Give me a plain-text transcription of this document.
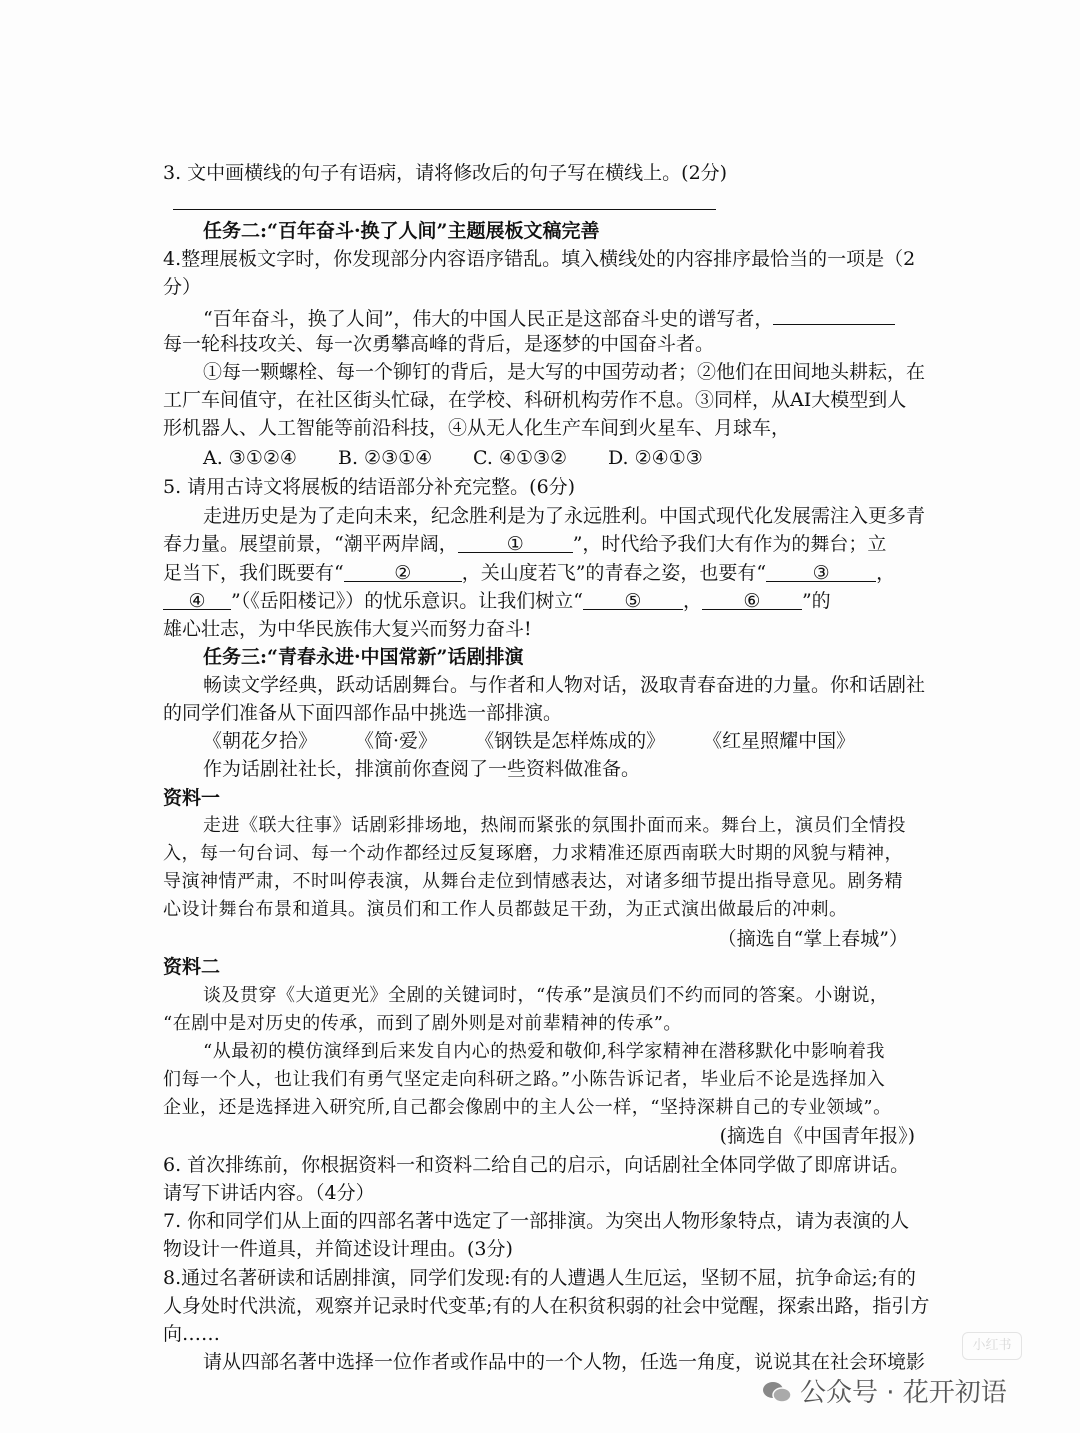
3. 文中画横线的句子有语病，请将修改后的句子写在横线上。(2分)
任务二:“百年奋斗·换了人间”主题展板文稿完善
4.整理展板文字时，你发现部分内容语序错乱。填入横线处的内容排序最恰当的一项是（2
分）
“百年奋斗，换了人间”，伟大的中国人民正是这部奋斗史的谱写者，
每一轮科技攻关、每一次勇攀高峰的背后，是逐梦的中国奋斗者。
①每一颗螺栓、每一个铆钉的背后，是大写的中国劳动者；②他们在田间地头耕耘，在
工厂车间值守，在社区街头忙碌，在学校、科研机构劳作不息。③同样，从AI大模型到人
形机器人、人工智能等前沿科技，④从无人化生产车间到火星车、月球车，
A. ③①②④ B. ②③①④ C. ④①③② D. ②④①③
5. 请用古诗文将展板的结语部分补充完整。(6分)
走进历史是为了走向未来，纪念胜利是为了永远胜利。中国式现代化发展需注入更多青
春力量。展望前景，“潮平两岸阔，	①	”，时代给予我们大有作为的舞台；立
足当下，我们既要有“	②	，关山度若飞”的青春之姿，也要有“ ③ ，
④ ”（《岳阳楼记》）的忧乐意识。让我们树立“ ⑤ ， ⑥ ”的
雄心壮志，为中华民族伟大复兴而努力奋斗!
任务三:“青春永进·中国常新”话剧排演
畅读文学经典，跃动话剧舞台。与作者和人物对话，汲取青春奋进的力量。你和话剧社
的同学们准备从下面四部作品中挑选一部排演。
《朝花夕拾》 《简·爱》 《钢铁是怎样炼成的》 《红星照耀中国》
作为话剧社社长，排演前你查阅了一些资料做准备。
资料一
走进《联大往事》话剧彩排场地，热闹而紧张的氛围扑面而来。舞台上，演员们全情投
入，每一句台词、每一个动作都经过反复琢磨，力求精准还原西南联大时期的风貌与精神，
导演神情严肃，不时叫停表演，从舞台走位到情感表达，对诸多细节提出指导意见。剧务精
心设计舞台布景和道具。演员们和工作人员都鼓足干劲，为正式演出做最后的冲刺。
（摘选自“掌上春城”）
资料二
谈及贯穿《大道更光》全剧的关键词时，“传承”是演员们不约而同的答案。小谢说，
“在剧中是对历史的传承，而到了剧外则是对前辈精神的传承”。
“从最初的模仿演绎到后来发自内心的热爱和敬仰,科学家精神在潜移默化中影响着我
们每一个人，也让我们有勇气坚定走向科研之路。”小陈告诉记者，毕业后不论是选择加入
企业，还是选择进入研究所,自己都会像剧中的主人公一样，“坚持深耕自己的专业领域”。
(摘选自《中国青年报》)
6. 首次排练前，你根据资料一和资料二给自己的启示，向话剧社全体同学做了即席讲话。
请写下讲话内容。（4分）
7. 你和同学们从上面的四部名著中选定了一部排演。为突出人物形象特点，请为表演的人
物设计一件道具，并简述设计理由。(3分)
8.通过名著研读和话剧排演，同学们发现:有的人遭遇人生厄运，坚韧不屈，抗争命运;有的
人身处时代洪流，观察并记录时代变革;有的人在积贫积弱的社会中觉醒，探索出路，指引方
向……
请从四部名著中选择一位作者或作品中的一个人物，任选一角度，说说其在社会环境影
小红书
公众号 · 花开初语
